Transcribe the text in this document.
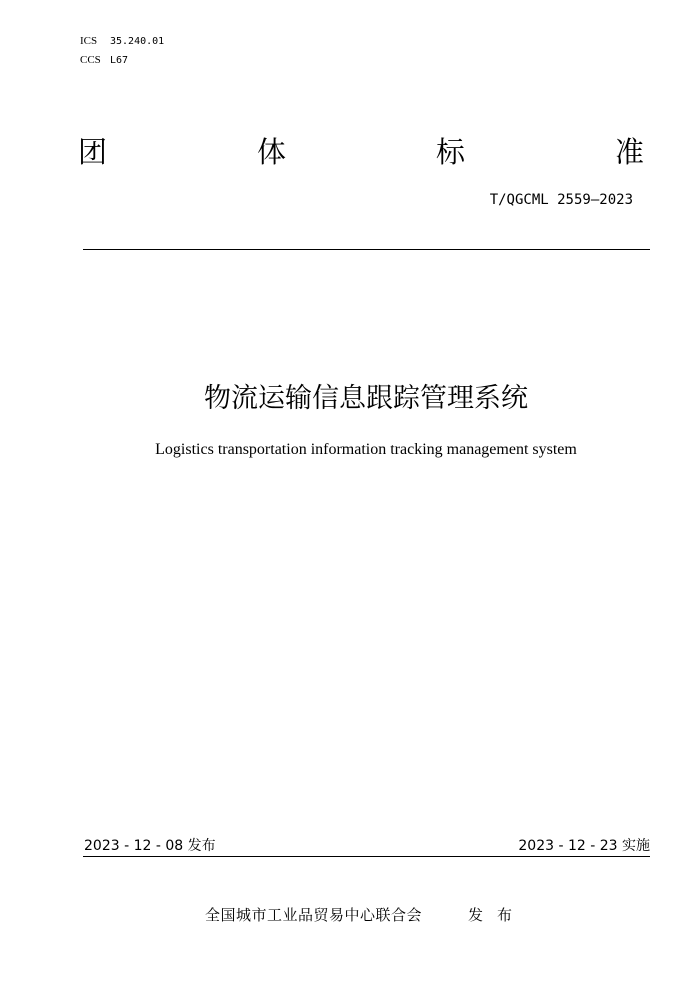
ICS 35.240.01
CCS L67
团	体	标	准
T/QGCML 2559—2023
物流运输信息跟踪管理系统
Logistics transportation information tracking management system
2023 - 12 - 08 发布	2023 - 12 - 23 实施
全国城市工业品贸易中心联合会	发布
